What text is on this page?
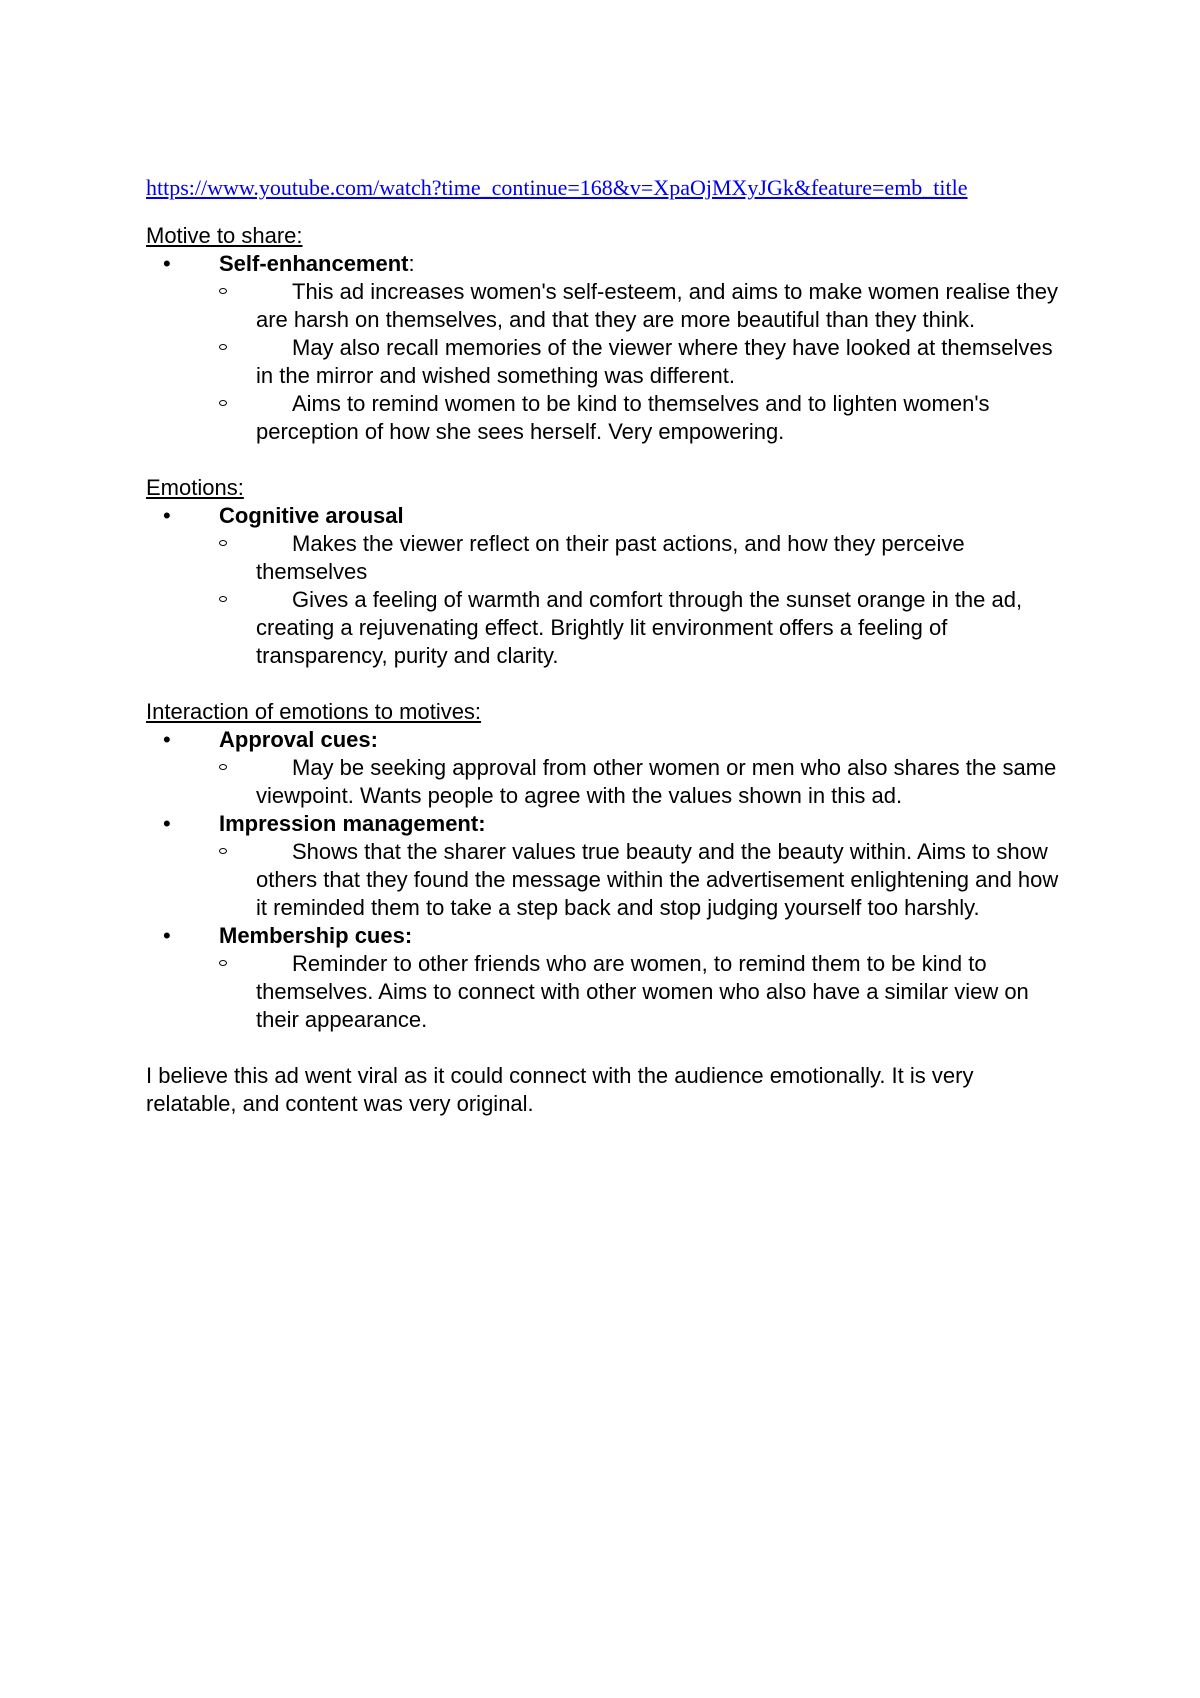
https://www.youtube.com/watch?time_continue=168&v=XpaOjMXyJGk&feature=emb_title
Motive to share:
• Self-enhancement:
This ad increases women's self-esteem, and aims to make women realise they are harsh on themselves, and that they are more beautiful than they think.
May also recall memories of the viewer where they have looked at themselves in the mirror and wished something was different.
Aims to remind women to be kind to themselves and to lighten women's perception of how she sees herself. Very empowering.
Emotions:
• Cognitive arousal
Makes the viewer reflect on their past actions, and how they perceive themselves
Gives a feeling of warmth and comfort through the sunset orange in the ad, creating a rejuvenating effect. Brightly lit environment offers a feeling of transparency, purity and clarity.
Interaction of emotions to motives:
• Approval cues:
May be seeking approval from other women or men who also shares the same viewpoint. Wants people to agree with the values shown in this ad.
• Impression management:
Shows that the sharer values true beauty and the beauty within. Aims to show others that they found the message within the advertisement enlightening and how it reminded them to take a step back and stop judging yourself too harshly.
• Membership cues:
Reminder to other friends who are women, to remind them to be kind to themselves. Aims to connect with other women who also have a similar view on their appearance.

I believe this ad went viral as it could connect with the audience emotionally. It is very relatable, and content was very original.
